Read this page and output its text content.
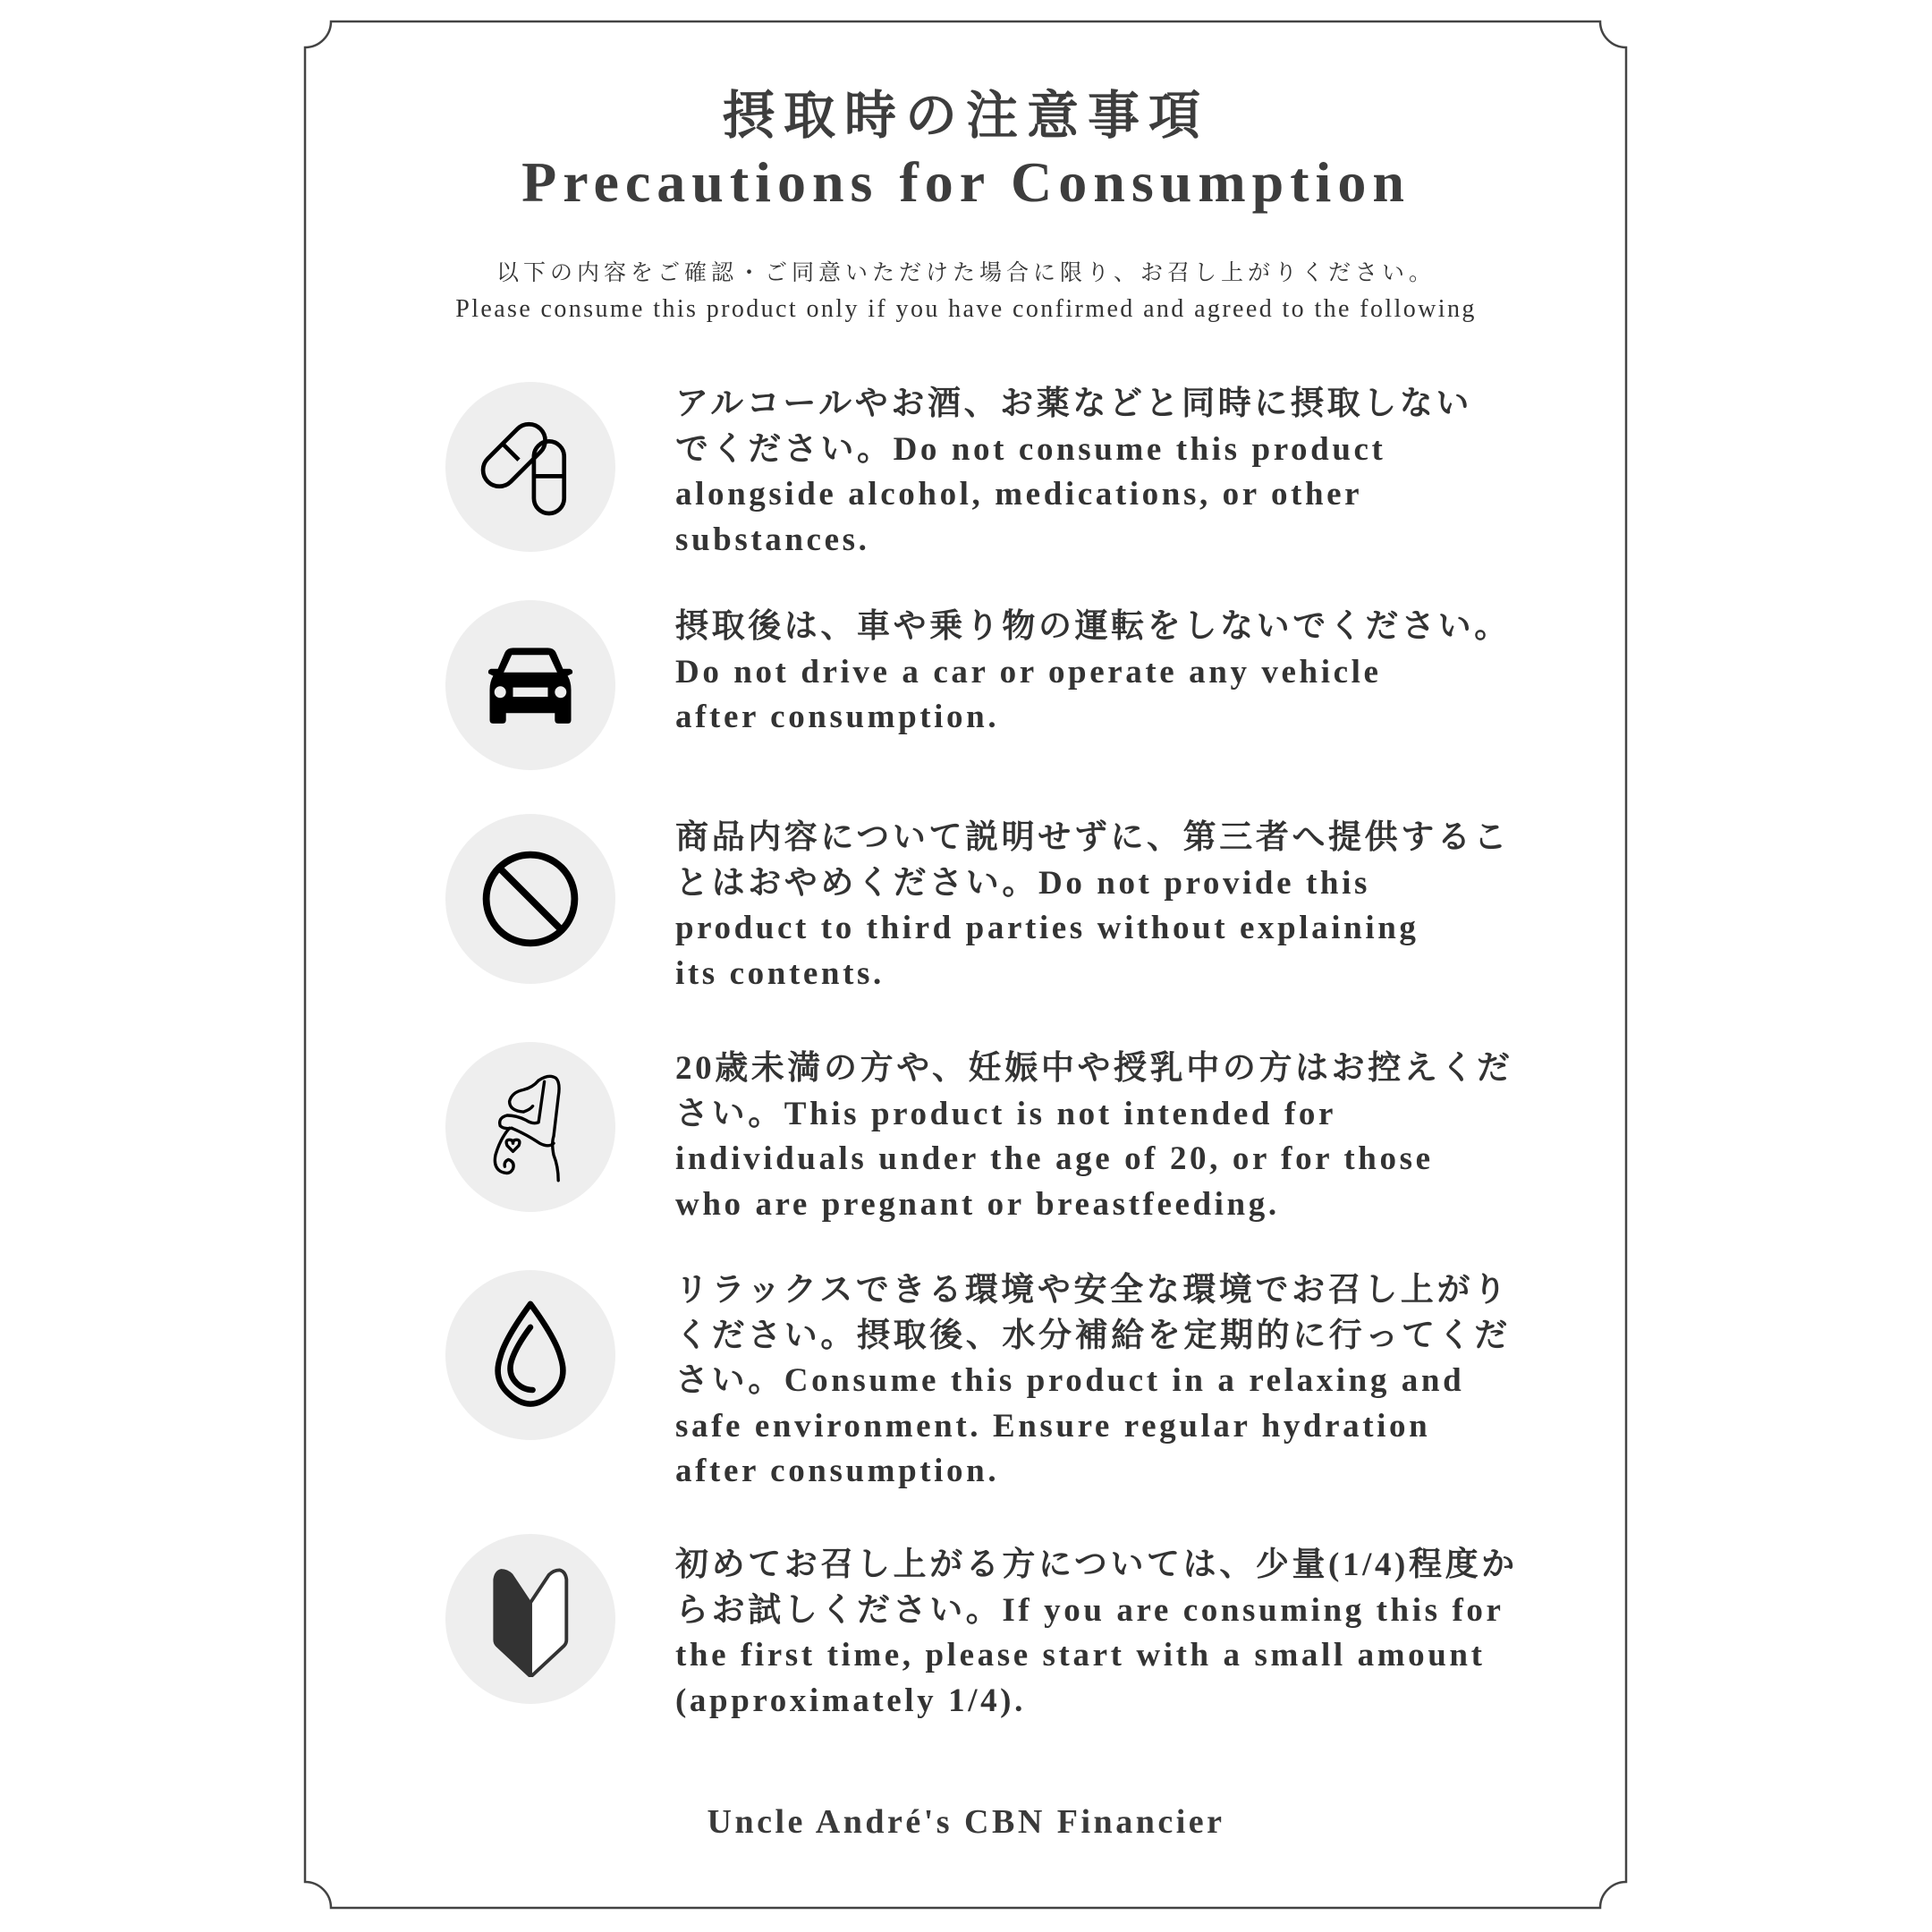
摂取時の注意事項
Precautions for Consumption
以下の内容をご確認・ご同意いただけた場合に限り、お召し上がりください。
Please consume this product only if you have confirmed and agreed to the following
アルコールやお酒、お薬などと同時に摂取しない
でください。Do not consume this product
alongside alcohol, medications, or other
substances.
摂取後は、車や乗り物の運転をしないでください。
Do not drive a car or operate any vehicle
after consumption.
商品内容について説明せずに、第三者へ提供するこ
とはおやめください。Do not provide this
product to third parties without explaining
its contents.
20歳未満の方や、妊娠中や授乳中の方はお控えくだ
さい。This product is not intended for
individuals under the age of 20, or for those
who are pregnant or breastfeeding.
リラックスできる環境や安全な環境でお召し上がり
ください。摂取後、水分補給を定期的に行ってくだ
さい。Consume this product in a relaxing and
safe environment. Ensure regular hydration
after consumption.
初めてお召し上がる方については、少量(1/4)程度か
らお試しください。If you are consuming this for
the first time, please start with a small amount
(approximately 1/4).
Uncle André's CBN Financier
